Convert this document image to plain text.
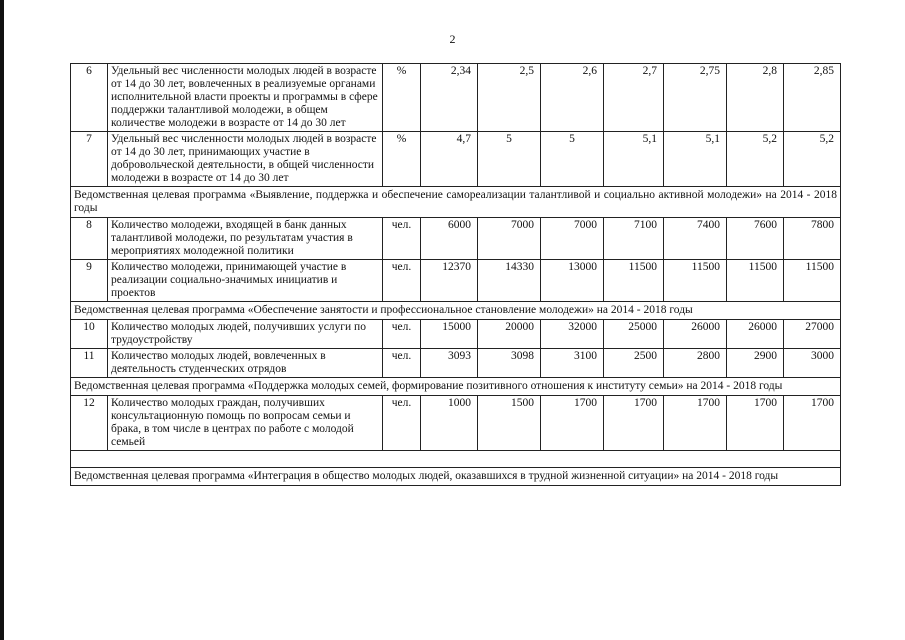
2
6	Удельный вес численности молодых людей в возрасте от 14 до 30 лет, вовлеченных в реализуемые органами исполнительной власти проекты и программы в сфере поддержки талантливой молодежи, в общем количестве молодежи в возрасте от 14 до 30 лет	%	2,34	2,5	2,6	2,7	2,75	2,8	2,85
7	Удельный вес численности молодых людей в возрасте от 14 до 30 лет, принимающих участие в добровольческой деятельности, в общей численности молодежи в возрасте от 14 до 30 лет	%	4,7	5	5	5,1	5,1	5,2	5,2
Ведомственная целевая программа «Выявление, поддержка и обеспечение самореализации талантливой и социально активной молодежи» на 2014 - 2018 годы									
8	Количество молодежи, входящей в банк данных талантливой молодежи, по результатам участия в мероприятиях молодежной политики	чел.	6000	7000	7000	7100	7400	7600	7800
9	Количество молодежи, принимающей участие в реализации социально-значимых инициатив и проектов	чел.	12370	14330	13000	11500	11500	11500	11500
Ведомственная целевая программа «Обеспечение занятости и профессиональное становление молодежи» на 2014 - 2018 годы									
10	Количество молодых людей, получивших услуги по трудоустройству	чел.	15000	20000	32000	25000	26000	26000	27000
11	Количество молодых людей, вовлеченных в деятельность студенческих отрядов	чел.	3093	3098	3100	2500	2800	2900	3000
Ведомственная целевая программа «Поддержка молодых семей, формирование позитивного отношения к институту семьи» на 2014 - 2018 годы									
12	Количество молодых граждан, получивших консультационную помощь по вопросам семьи и брака, в том числе в центрах по работе с молодой семьей	чел.	1000	1500	1700	1700	1700	1700	1700

Ведомственная целевая программа «Интеграция в общество молодых людей, оказавшихся в трудной жизненной ситуации» на 2014 - 2018 годы									
